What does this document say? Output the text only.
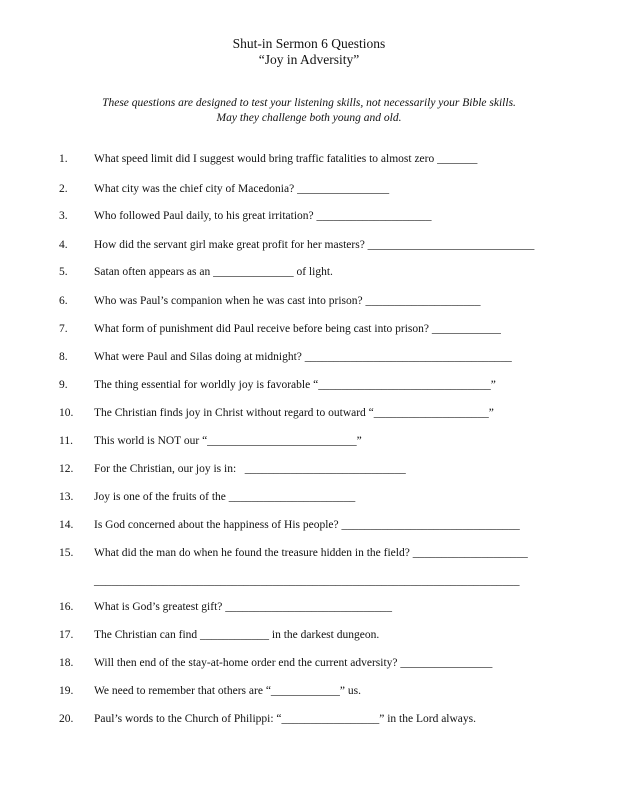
Shut-in Sermon 6 Questions
“Joy in Adversity”
These questions are designed to test your listening skills, not necessarily your Bible skills.
May they challenge both young and old.
1. What speed limit did I suggest would bring traffic fatalities to almost zero _______
2. What city was the chief city of Macedonia? ________________
3. Who followed Paul daily, to his great irritation? ____________________
4. How did the servant girl make great profit for her masters? _____________________________
5. Satan often appears as an ______________ of light.
6. Who was Paul’s companion when he was cast into prison? ____________________
7. What form of punishment did Paul receive before being cast into prison? ____________
8. What were Paul and Silas doing at midnight? ____________________________________
9. The thing essential for worldly joy is favorable “______________________________”
10. The Christian finds joy in Christ without regard to outward “____________________”
11. This world is NOT our “__________________________”
12. For the Christian, our joy is in:   ____________________________
13. Joy is one of the fruits of the ______________________
14. Is God concerned about the happiness of His people? _______________________________
15. What did the man do when he found the treasure hidden in the field? ____________________
__________________________________________________________________________
16. What is God’s greatest gift? _____________________________
17. The Christian can find ____________ in the darkest dungeon.
18. Will then end of the stay-at-home order end the current adversity? ________________
19. We need to remember that others are “____________” us.
20. Paul’s words to the Church of Philippi: “_________________” in the Lord always.
